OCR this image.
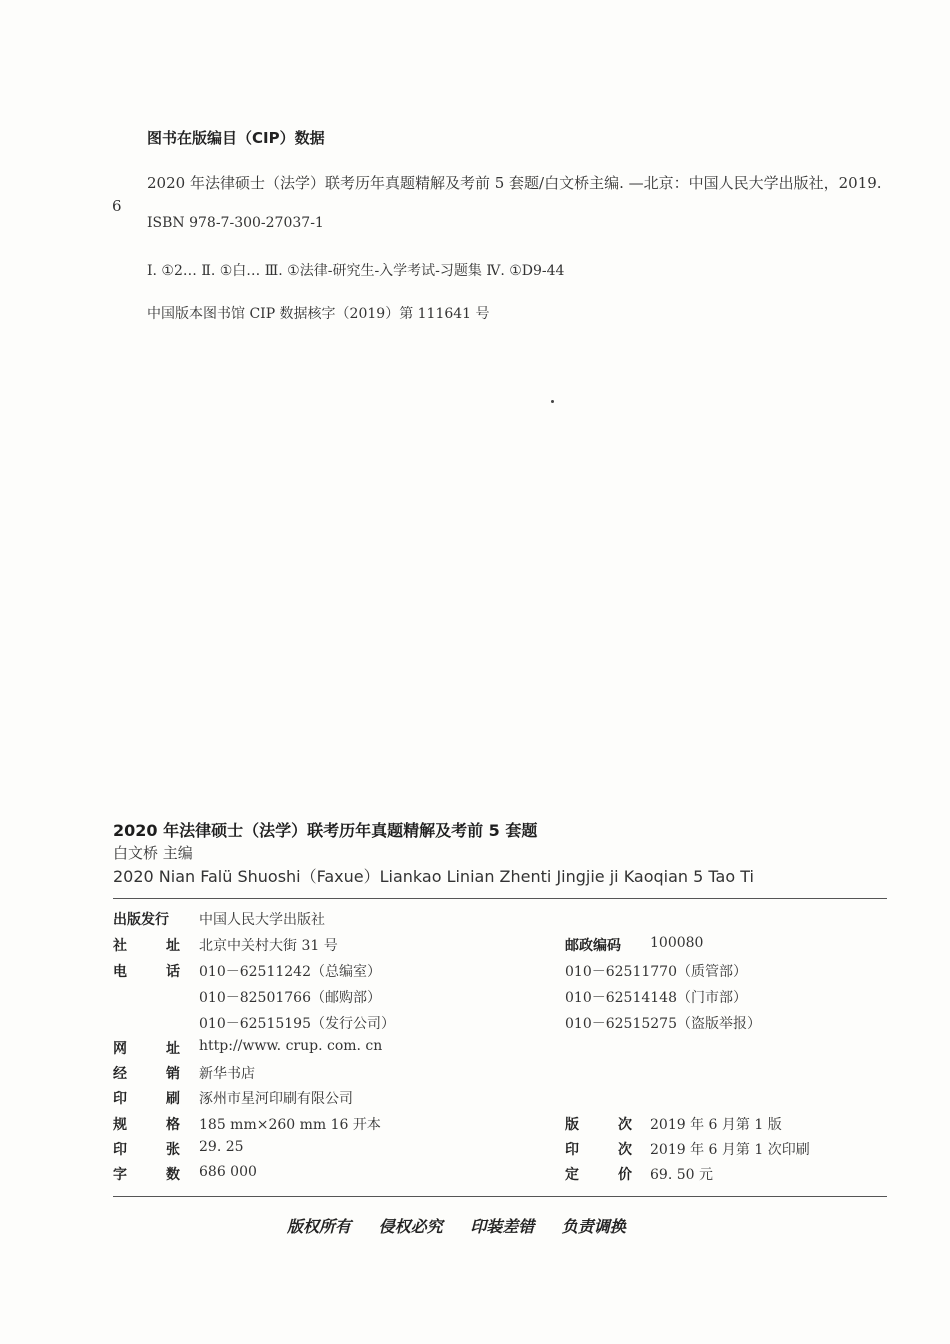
图书在版编目（CIP）数据
2020 年法律硕士（法学）联考历年真题精解及考前 5 套题/白文桥主编. —北京：中国人民大学出版社，2019. 6
ISBN 978-7-300-27037-1
Ⅰ. ①2… Ⅱ. ①白… Ⅲ. ①法律-研究生-入学考试-习题集 Ⅳ. ①D9-44
中国版本图书馆 CIP 数据核字（2019）第 111641 号
2020 年法律硕士（法学）联考历年真题精解及考前 5 套题
白文桥 主编
2020 Nian Falü Shuoshi（Faxue）Liankao Linian Zhenti Jingjie ji Kaoqian 5 Tao Ti
出版发行 中国人民大学出版社
社	址 北京中关村大街 31 号	邮政编码 100080
电	话 010－62511242（总编室）	010－62511770（质管部）
010－82501766（邮购部）	010－62514148（门市部）
010－62515195（发行公司）	010－62515275（盗版举报）
网	址 http://www. crup. com. cn
经	销 新华书店
印	刷 涿州市星河印刷有限公司
规	格 185 mm×260 mm 16 开本	版	次 2019 年 6 月第 1 版
印	张 29. 25	印	次 2019 年 6 月第 1 次印刷
字	数 686 000	定	价 69. 50 元
版权所有 侵权必究 印装差错 负责调换
